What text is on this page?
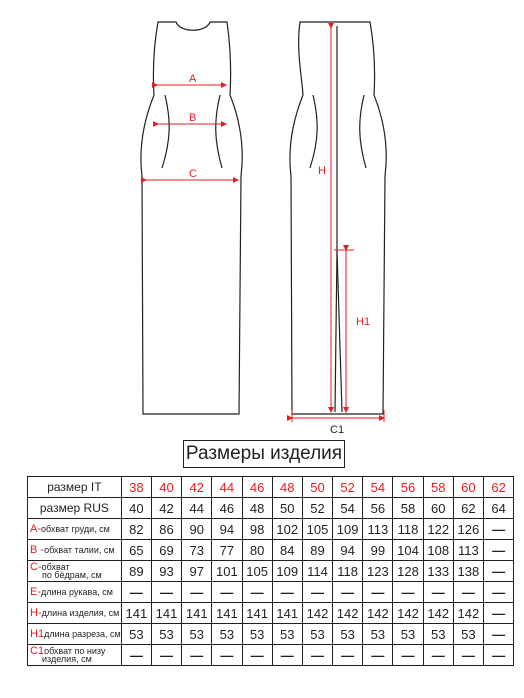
A
B
C	H
H1
C1
Размеры изделия
размер IT	38	40	42	44	46	48	50	52	54	56	58	60	62
размер RUS	40	42	44	46	48	50	52	54	56	58	60	62	64
A-обхват груди, см	82	86	90	94	98	102	105	109	113	118	122	126	—
B -обхват талии, см	65	69	73	77	80	84	89	94	99	104	108	113	—
C-обхват
по бёдрам, см	89	93	97	101	105	109	114	118	123	128	133	138	—
E-длина рукава, см	—	—	—	—	—	—	—	—	—	—	—	—	—
H-длина изделия, см	141	141	141	141	141	141	142	142	142	142	142	142	—
H1длина разреза, см	53	53	53	53	53	53	53	53	53	53	53	53	—
C1обхват по низу
изделия, см	—	—	—	—	—	—	—	—	—	—	—	—	—
